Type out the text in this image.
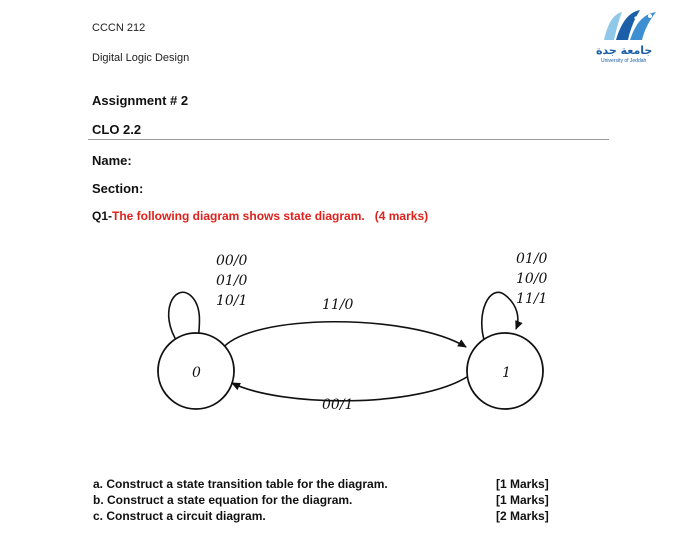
CCCN 212
Digital Logic Design
جامعة جدة
University of Jeddah
Assignment # 2
CLO 2.2
Name:
Section:
Q1-The following diagram shows state diagram. (4 marks)
0	1
00/0
01/0
10/1
01/0
10/0
11/1
11/0
00/1
a. Construct a state transition table for the diagram.
b. Construct a state equation for the diagram.
c. Construct a circuit diagram.
[1 Marks]
[1 Marks]
[2 Marks]
